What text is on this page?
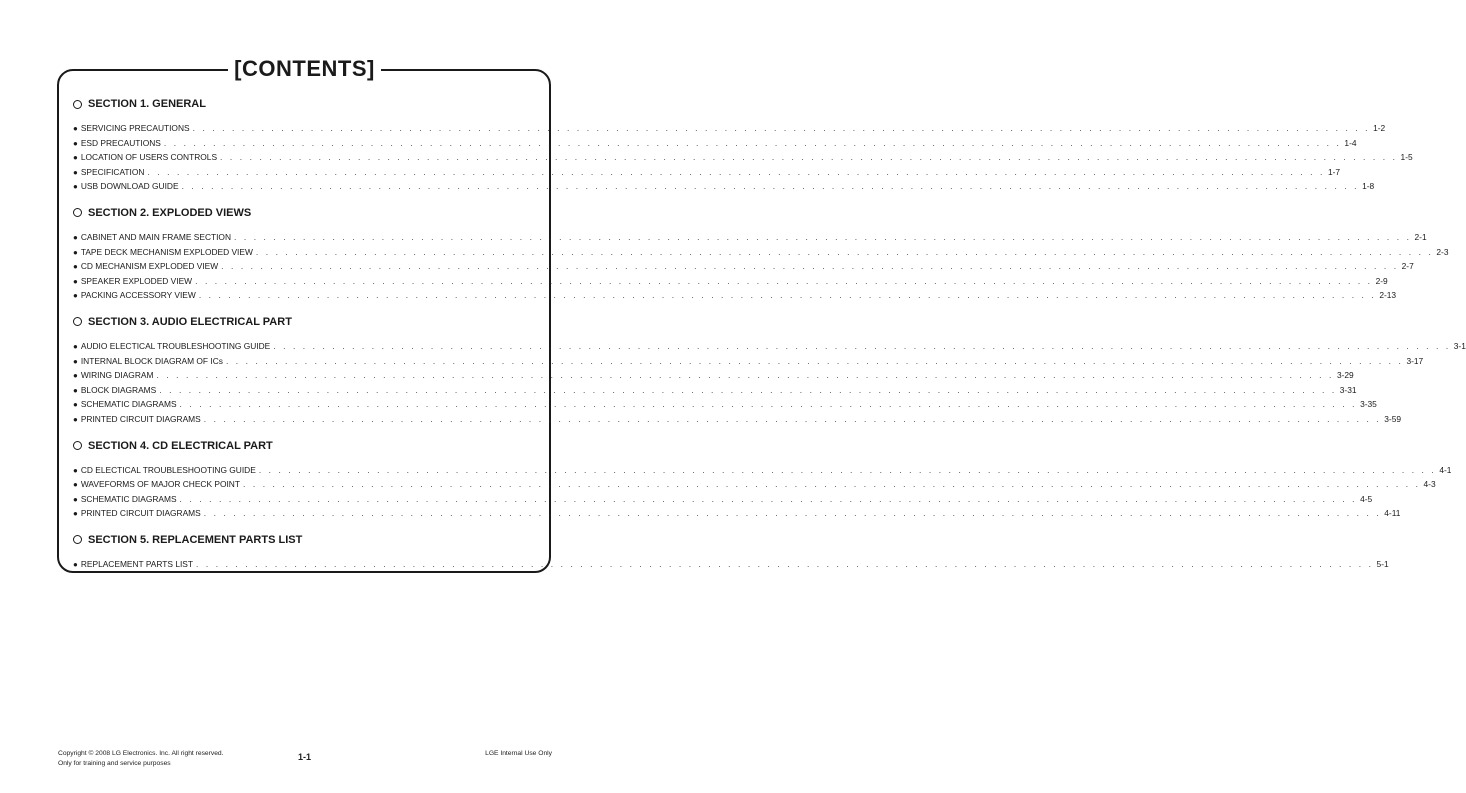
[CONTENTS]
SECTION 1. GENERAL
● SERVICING PRECAUTIONS . . . . . . . . . . . . . . . . . . . . . . . . . . . . . . . . . . . . . . . . . . . . . . . . . . . . . . . . . . . . . . . . . . . . . . . . . . . . . . . . . . . . . . . . . . . . . . . . . . . . . . . . . . . . . . . . . . . . . . . . 1-2
● ESD PRECAUTIONS . . . . . . . . . . . . . . . . . . . . . . . . . . . . . . . . . . . . . . . . . . . . . . . . . . . . . . . . . . . . . . . . . . . . . . . . . . . . . . . . . . . . . . . . . . . . . . . . . . . . . . . . . . . . . . . . . . . . . . . . 1-4
● LOCATION OF USERS CONTROLS . . . . . . . . . . . . . . . . . . . . . . . . . . . . . . . . . . . . . . . . . . . . . . . . . . . . . . . . . . . . . . . . . . . . . . . . . . . . . . . . . . . . . . . . . . . . . . . . . . . . . . . . . . . . . . . . . . . . . . . . 1-5
● SPECIFICATION . . . . . . . . . . . . . . . . . . . . . . . . . . . . . . . . . . . . . . . . . . . . . . . . . . . . . . . . . . . . . . . . . . . . . . . . . . . . . . . . . . . . . . . . . . . . . . . . . . . . . . . . . . . . . . . . . . . . . . . . 1-7
● USB DOWNLOAD GUIDE . . . . . . . . . . . . . . . . . . . . . . . . . . . . . . . . . . . . . . . . . . . . . . . . . . . . . . . . . . . . . . . . . . . . . . . . . . . . . . . . . . . . . . . . . . . . . . . . . . . . . . . . . . . . . . . . . . . . . . . . 1-8
SECTION 2. EXPLODED VIEWS
● CABINET AND MAIN FRAME SECTION . . . . . . . . . . . . . . . . . . . . . . . . . . . . . . . . . . . . . . . . . . . . . . . . . . . . . . . . . . . . . . . . . . . . . . . . . . . . . . . . . . . . . . . . . . . . . . . . . . . . . . . . . . . . . . . . . . . . . . . . 2-1
● TAPE DECK MECHANISM EXPLODED VIEW . . . . . . . . . . . . . . . . . . . . . . . . . . . . . . . . . . . . . . . . . . . . . . . . . . . . . . . . . . . . . . . . . . . . . . . . . . . . . . . . . . . . . . . . . . . . . . . . . . . . . . . . . . . . . . . . . . . . . . . . 2-3
● CD MECHANISM EXPLODED VIEW . . . . . . . . . . . . . . . . . . . . . . . . . . . . . . . . . . . . . . . . . . . . . . . . . . . . . . . . . . . . . . . . . . . . . . . . . . . . . . . . . . . . . . . . . . . . . . . . . . . . . . . . . . . . . . . . . . . . . . . . 2-7
● SPEAKER EXPLODED VIEW . . . . . . . . . . . . . . . . . . . . . . . . . . . . . . . . . . . . . . . . . . . . . . . . . . . . . . . . . . . . . . . . . . . . . . . . . . . . . . . . . . . . . . . . . . . . . . . . . . . . . . . . . . . . . . . . . . . . . . . . 2-9
● PACKING ACCESSORY VIEW . . . . . . . . . . . . . . . . . . . . . . . . . . . . . . . . . . . . . . . . . . . . . . . . . . . . . . . . . . . . . . . . . . . . . . . . . . . . . . . . . . . . . . . . . . . . . . . . . . . . . . . . . . . . . . . . . . . . . . . . 2-13
SECTION 3. AUDIO ELECTRICAL PART
● AUDIO ELECTICAL TROUBLESHOOTING GUIDE . . . . . . . . . . . . . . . . . . . . . . . . . . . . . . . . . . . . . . . . . . . . . . . . . . . . . . . . . . . . . . . . . . . . . . . . . . . . . . . . . . . . . . . . . . . . . . . . . . . . . . . . . . . . . . . . . . . . . . . . 3-1
● INTERNAL BLOCK DIAGRAM OF ICs . . . . . . . . . . . . . . . . . . . . . . . . . . . . . . . . . . . . . . . . . . . . . . . . . . . . . . . . . . . . . . . . . . . . . . . . . . . . . . . . . . . . . . . . . . . . . . . . . . . . . . . . . . . . . . . . . . . . . . . . 3-17
● WIRING DIAGRAM . . . . . . . . . . . . . . . . . . . . . . . . . . . . . . . . . . . . . . . . . . . . . . . . . . . . . . . . . . . . . . . . . . . . . . . . . . . . . . . . . . . . . . . . . . . . . . . . . . . . . . . . . . . . . . . . . . . . . . . . 3-29
● BLOCK DIAGRAMS . . . . . . . . . . . . . . . . . . . . . . . . . . . . . . . . . . . . . . . . . . . . . . . . . . . . . . . . . . . . . . . . . . . . . . . . . . . . . . . . . . . . . . . . . . . . . . . . . . . . . . . . . . . . . . . . . . . . . . . . 3-31
● SCHEMATIC DIAGRAMS . . . . . . . . . . . . . . . . . . . . . . . . . . . . . . . . . . . . . . . . . . . . . . . . . . . . . . . . . . . . . . . . . . . . . . . . . . . . . . . . . . . . . . . . . . . . . . . . . . . . . . . . . . . . . . . . . . . . . . . . 3-35
● PRINTED CIRCUIT DIAGRAMS . . . . . . . . . . . . . . . . . . . . . . . . . . . . . . . . . . . . . . . . . . . . . . . . . . . . . . . . . . . . . . . . . . . . . . . . . . . . . . . . . . . . . . . . . . . . . . . . . . . . . . . . . . . . . . . . . . . . . . . . 3-59
SECTION 4. CD ELECTRICAL PART
● CD ELECTICAL TROUBLESHOOTING GUIDE . . . . . . . . . . . . . . . . . . . . . . . . . . . . . . . . . . . . . . . . . . . . . . . . . . . . . . . . . . . . . . . . . . . . . . . . . . . . . . . . . . . . . . . . . . . . . . . . . . . . . . . . . . . . . . . . . . . . . . . . 4-1
● WAVEFORMS OF MAJOR CHECK POINT . . . . . . . . . . . . . . . . . . . . . . . . . . . . . . . . . . . . . . . . . . . . . . . . . . . . . . . . . . . . . . . . . . . . . . . . . . . . . . . . . . . . . . . . . . . . . . . . . . . . . . . . . . . . . . . . . . . . . . . . 4-3
● SCHEMATIC DIAGRAMS . . . . . . . . . . . . . . . . . . . . . . . . . . . . . . . . . . . . . . . . . . . . . . . . . . . . . . . . . . . . . . . . . . . . . . . . . . . . . . . . . . . . . . . . . . . . . . . . . . . . . . . . . . . . . . . . . . . . . . . . 4-5
● PRINTED CIRCUIT DIAGRAMS . . . . . . . . . . . . . . . . . . . . . . . . . . . . . . . . . . . . . . . . . . . . . . . . . . . . . . . . . . . . . . . . . . . . . . . . . . . . . . . . . . . . . . . . . . . . . . . . . . . . . . . . . . . . . . . . . . . . . . . . 4-11
SECTION 5. REPLACEMENT PARTS LIST
● REPLACEMENT PARTS LIST . . . . . . . . . . . . . . . . . . . . . . . . . . . . . . . . . . . . . . . . . . . . . . . . . . . . . . . . . . . . . . . . . . . . . . . . . . . . . . . . . . . . . . . . . . . . . . . . . . . . . . . . . . . . . . . . . . . . . . . . 5-1
Copyright © 2008 LG Electronics. Inc. All right reserved.
Only for training and service purposes
1-1	LGE Internal Use Only
